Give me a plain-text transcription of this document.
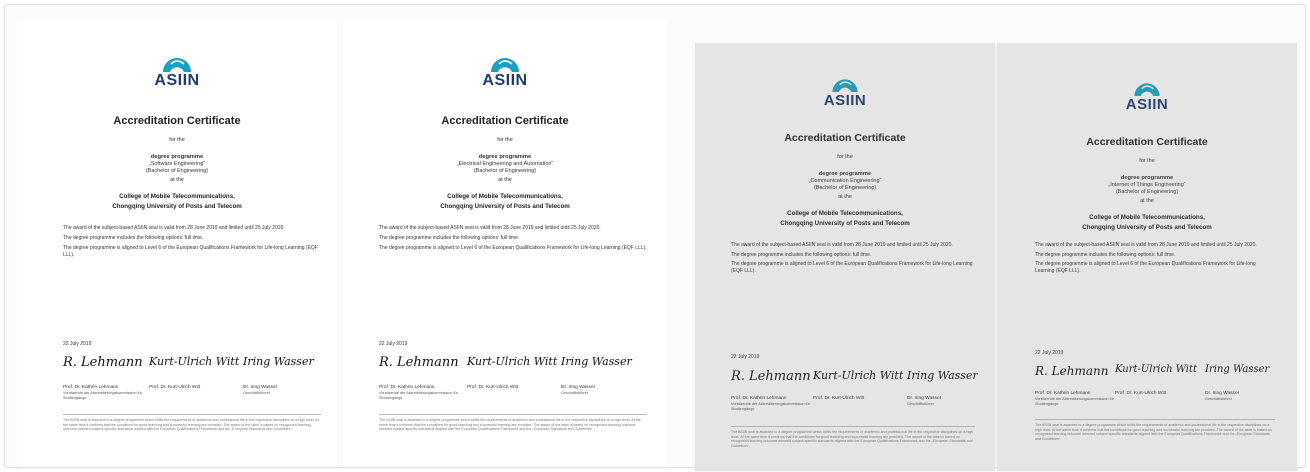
ASIIN
Accreditation Certificate
for the
degree programme
„Software Engineering“
(Bachelor of Engineering)
at the
College of Mobile Telecommunications,
Chongqing University of Posts and Telecom
The award of the subject-based ASIIN seal is valid from 28 June 2019 and limited until 25 July 2020.
The degree programme includes the following options: full time.
The degree programme is aligned to Level 6 of the European Qualifications Framework for Life-long Learning (EQF LLL).
22 July 2019
R. Lehmann Kurt-Ulrich Witt Iring Wasser
Prof. Dr. Kathrin Lehmann
Vorsitzende der Akkreditierungskommission für Studiengänge
Prof. Dr. Kurt-Ulrich Witt	Dr. Iring Wasser
Geschäftsführer
The ASIIN seal is awarded to a degree programme which fulfils the requirements of academic and professional life in the respective disciplines on a high level. At the same time it confirms that the conditions for good teaching and successful learning are provided. The award of the label is based on recognised learning outcome oriented subject-specific standards aligned with the European Qualifications Framework and the „European Standards and Guidelines“.
ASIIN
Accreditation Certificate
for the
degree programme
„Electrical Engineering and Automation“
(Bachelor of Engineering)
at the
College of Mobile Telecommunications,
Chongqing University of Posts and Telecom
The award of the subject-based ASIIN seal is valid from 28 June 2019 and limited until 25 July 2020.
The degree programme includes the following options: full time.
The degree programme is aligned to Level 6 of the European Qualifications Framework for Life-long Learning (EQF LLL).
22 July 2019
R. Lehmann Kurt-Ulrich Witt Iring Wasser
Prof. Dr. Kathrin Lehmann
Vorsitzende der Akkreditierungskommission für Studiengänge
Prof. Dr. Kurt-Ulrich Witt	Dr. Iring Wasser
Geschäftsführer
The ASIIN seal is awarded to a degree programme which fulfils the requirements of academic and professional life in the respective disciplines on a high level. At the same time it confirms that the conditions for good teaching and successful learning are provided. The award of the label is based on recognised learning outcome oriented subject-specific standards aligned with the European Qualifications Framework and the „European Standards and Guidelines“.
ASIIN
Accreditation Certificate
for the
degree programme
„Communication Engineering“
(Bachelor of Engineering)
at the
College of Mobile Telecommunications,
Chongqing University of Posts and Telecom
The award of the subject-based ASIIN seal is valid from 28 June 2019 and limited until 25 July 2020.
The degree programme includes the following options: full time.
The degree programme is aligned to Level 6 of the European Qualifications Framework for Life-long Learning (EQF LLL).
22 July 2019
R. Lehmann Kurt-Ulrich Witt Iring Wasser
Prof. Dr. Kathrin Lehmann
Vorsitzende der Akkreditierungskommission für Studiengänge
Prof. Dr. Kurt-Ulrich Witt	Dr. Iring Wasser
Geschäftsführer
The ASIIN seal is awarded to a degree programme which fulfils the requirements of academic and professional life in the respective disciplines on a high level. At the same time it confirms that the conditions for good teaching and successful learning are provided. The award of the label is based on recognised learning outcome oriented subject-specific standards aligned with the European Qualifications Framework and the „European Standards and Guidelines“.
ASIIN
Accreditation Certificate
for the
degree programme
„Internet of Things Engineering“
(Bachelor of Engineering)
at the
College of Mobile Telecommunications,
Chongqing University of Posts and Telecom
The award of the subject-based ASIIN seal is valid from 28 June 2019 and limited until 25 July 2020.
The degree programme includes the following options: full time.
The degree programme is aligned to Level 6 of the European Qualifications Framework for Life-long Learning (EQF LLL).
22 July 2019
R. Lehmann Kurt-Ulrich Witt Iring Wasser
Prof. Dr. Kathrin Lehmann
Vorsitzende der Akkreditierungskommission für Studiengänge
Prof. Dr. Kurt-Ulrich Witt	Dr. Iring Wasser
Geschäftsführer
The ASIIN seal is awarded to a degree programme which fulfils the requirements of academic and professional life in the respective disciplines on a high level. At the same time it confirms that the conditions for good teaching and successful learning are provided. The award of the label is based on recognised learning outcome oriented subject-specific standards aligned with the European Qualifications Framework and the „European Standards and Guidelines“.
